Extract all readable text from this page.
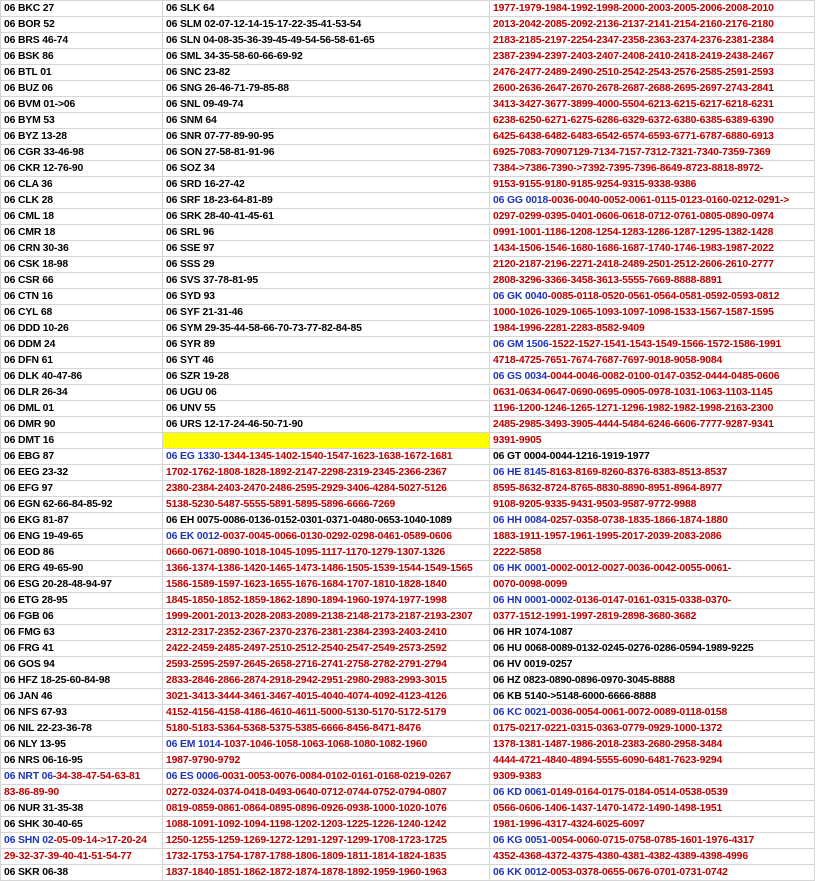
06 BKC 27	06 SLK 64	1977-1979-1984-1992-1998-2000-2003-2005-2006-2008-2010
06 BOR 52	06 SLM 02-07-12-14-15-17-22-35-41-53-54	2013-2042-2085-2092-2136-2137-2141-2154-2160-2176-2180
06 BRS 46-74	06 SLN 04-08-35-36-39-45-49-54-56-58-61-65	2183-2185-2197-2254-2347-2358-2363-2374-2376-2381-2384
06 BSK 86	06 SML 34-35-58-60-66-69-92	2387-2394-2397-2403-2407-2408-2410-2418-2419-2438-2467
06 BTL 01	06 SNC 23-82	2476-2477-2489-2490-2510-2542-2543-2576-2585-2591-2593
06 BUZ 06	06 SNG 26-46-71-79-85-88	2600-2636-2647-2670-2678-2687-2688-2695-2697-2743-2841
06 BVM 01->06	06 SNL 09-49-74	3413-3427-3677-3899-4000-5504-6213-6215-6217-6218-6231
06 BYM 53	06 SNM 64	6238-6250-6271-6275-6286-6329-6372-6380-6385-6389-6390
06 BYZ 13-28	06 SNR 07-77-89-90-95	6425-6438-6482-6483-6542-6574-6593-6771-6787-6880-6913
06 CGR 33-46-98	06 SON 27-58-81-91-96	6925-7083-70907129-7134-7157-7312-7321-7340-7359-7369
06 CKR 12-76-90	06 SOZ 34	7384->7386-7390->7392-7395-7396-8649-8723-8818-8972-
06 CLA 36	06 SRD 16-27-42	9153-9155-9180-9185-9254-9315-9338-9386
06 CLK 28	06 SRF 18-23-64-81-89	06 GG 0018-0036-0040-0052-0061-0115-0123-0160-0212-0291->
06 CML 18	06 SRK 28-40-41-45-61	0297-0299-0395-0401-0606-0618-0712-0761-0805-0890-0974
06 CMR 18	06 SRL 96	0991-1001-1186-1208-1254-1283-1286-1287-1295-1382-1428
06 CRN 30-36	06 SSE 97	1434-1506-1546-1680-1686-1687-1740-1746-1983-1987-2022
06 CSK 18-98	06 SSS 29	2120-2187-2196-2271-2418-2489-2501-2512-2606-2610-2777
06 CSR 66	06 SVS 37-78-81-95	2808-3296-3366-3458-3613-5555-7669-8888-8891
06 CTN 16	06 SYD 93	06 GK 0040-0085-0118-0520-0561-0564-0581-0592-0593-0812
06 CYL 68	06 SYF 21-31-46	1000-1026-1029-1065-1093-1097-1098-1533-1567-1587-1595
06 DDD 10-26	06 SYM 29-35-44-58-66-70-73-77-82-84-85	1984-1996-2281-2283-8582-9409
06 DDM 24	06 SYR 89	06 GM 1506-1522-1527-1541-1543-1549-1566-1572-1586-1991
06 DFN 61	06 SYT 46	4718-4725-7651-7674-7687-7697-9018-9058-9084
06 DLK 40-47-86	06 SZR 19-28	06 GS 0034-0044-0046-0082-0100-0147-0352-0444-0485-0606
06 DLR 26-34	06 UGU 06	0631-0634-0647-0690-0695-0905-0978-1031-1063-1103-1145
06 DML 01	06 UNV 55	1196-1200-1246-1265-1271-1296-1982-1982-1998-2163-2300
06 DMR 90	06 URS 12-17-24-46-50-71-90	2485-2985-3493-3905-4444-5484-6246-6606-7777-9287-9341
06 DMT 16		9391-9905
06 EBG 87	06 EG 1330-1344-1345-1402-1540-1547-1623-1638-1672-1681	06 GT 0004-0044-1216-1919-1977
06 EEG 23-32	1702-1762-1808-1828-1892-2147-2298-2319-2345-2366-2367	06 HE 8145-8163-8169-8260-8376-8383-8513-8537
06 EFG 97	2380-2384-2403-2470-2486-2595-2929-3406-4284-5027-5126	8595-8632-8724-8765-8830-8890-8951-8964-8977
06 EGN 62-66-84-85-92	5138-5230-5487-5555-5891-5895-5896-6666-7269	9108-9205-9335-9431-9503-9587-9772-9988
06 EKG 81-87	06 EH 0075-0086-0136-0152-0301-0371-0480-0653-1040-1089	06 HH 0084-0257-0358-0738-1835-1866-1874-1880
06 ENG 19-49-65	06 EK 0012-0037-0045-0066-0130-0292-0298-0461-0589-0606	1883-1911-1957-1961-1995-2017-2039-2083-2086
06 EOD 86	0660-0671-0890-1018-1045-1095-1117-1170-1279-1307-1326	2222-5858
06 ERG 49-65-90	1366-1374-1386-1420-1465-1473-1486-1505-1539-1544-1549-1565	06 HK 0001-0002-0012-0027-0036-0042-0055-0061-
06 ESG 20-28-48-94-97	1586-1589-1597-1623-1655-1676-1684-1707-1810-1828-1840	0070-0098-0099
06 ETG 28-95	1845-1850-1852-1859-1862-1890-1894-1960-1974-1977-1998	06 HN 0001-0002-0136-0147-0161-0315-0338-0370-
06 FGB 06	1999-2001-2013-2028-2083-2089-2138-2148-2173-2187-2193-2307	0377-1512-1991-1997-2819-2898-3680-3682
06 FMG 63	2312-2317-2352-2367-2370-2376-2381-2384-2393-2403-2410	06 HR 1074-1087
06 FRG 41	2422-2459-2485-2497-2510-2512-2540-2547-2549-2573-2592	06 HU 0068-0089-0132-0245-0276-0286-0594-1989-9225
06 GOS 94	2593-2595-2597-2645-2658-2716-2741-2758-2782-2791-2794	06 HV 0019-0257
06 HFZ 18-25-60-84-98	2833-2846-2866-2874-2918-2942-2951-2980-2983-2993-3015	06 HZ 0823-0890-0896-0970-3045-8888
06 JAN 46	3021-3413-3444-3461-3467-4015-4040-4074-4092-4123-4126	06 KB 5140->5148-6000-6666-8888
06 NFS 67-93	4152-4156-4158-4186-4610-4611-5000-5130-5170-5172-5179	06 KC 0021-0036-0054-0061-0072-0089-0118-0158
06 NIL 22-23-36-78	5180-5183-5364-5368-5375-5385-6666-8456-8471-8476	0175-0217-0221-0315-0363-0779-0929-1000-1372
06 NLY 13-95	06 EM 1014-1037-1046-1058-1063-1068-1080-1082-1960	1378-1381-1487-1986-2018-2383-2680-2958-3484
06 NRS 06-16-95	1987-9790-9792	4444-4721-4840-4894-5555-6090-6481-7623-9294
06 NRT 06-34-38-47-54-63-81	06 ES 0006-0031-0053-0076-0084-0102-0161-0168-0219-0267	9309-9383
83-86-89-90	0272-0324-0374-0418-0493-0640-0712-0744-0752-0794-0807	06 KD 0061-0149-0164-0175-0184-0514-0538-0539
06 NUR 31-35-38	0819-0859-0861-0864-0895-0896-0926-0938-1000-1020-1076	0566-0606-1406-1437-1470-1472-1490-1498-1951
06 SHK 30-40-65	1088-1091-1092-1094-1198-1202-1203-1225-1226-1240-1242	1981-1996-4317-4324-6025-6097
06 SHN 02-05-09-14->17-20-24	1250-1255-1259-1269-1272-1291-1297-1299-1708-1723-1725	06 KG 0051-0054-0060-0715-0758-0785-1601-1976-4317
29-32-37-39-40-41-51-54-77	1732-1753-1754-1787-1788-1806-1809-1811-1814-1824-1835	4352-4368-4372-4375-4380-4381-4382-4389-4398-4996
06 SKR 06-38	1837-1840-1851-1862-1872-1874-1878-1892-1959-1960-1963	06 KK 0012-0053-0378-0655-0676-0701-0731-0742
